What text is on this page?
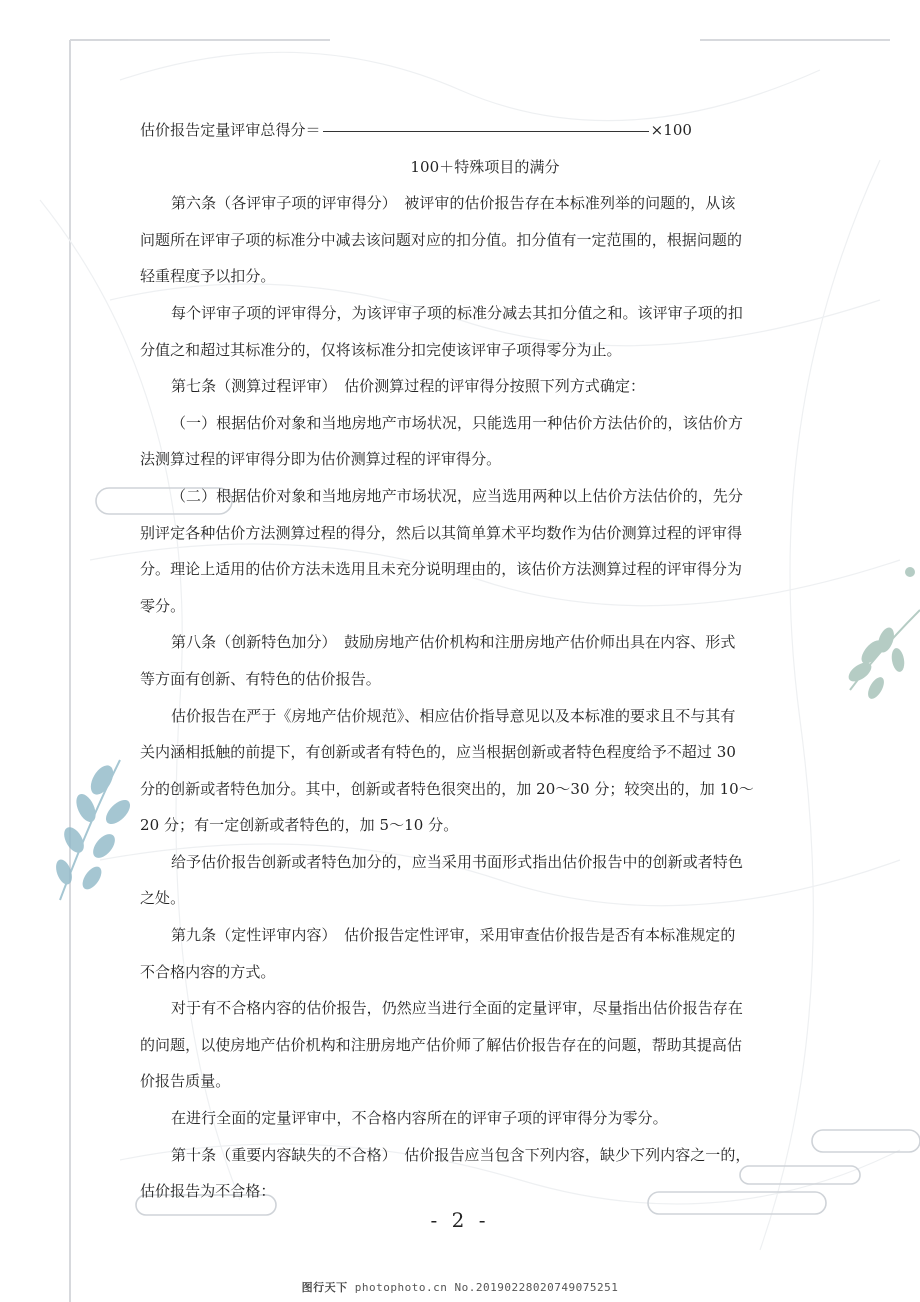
估价报告定量评审总得分＝	×100
100＋特殊项目的满分
第六条（各评审子项的评审得分）　被评审的估价报告存在本标准列举的问题的，从该
问题所在评审子项的标准分中减去该问题对应的扣分值。扣分值有一定范围的，根据问题的
轻重程度予以扣分。
每个评审子项的评审得分，为该评审子项的标准分减去其扣分值之和。该评审子项的扣
分值之和超过其标准分的，仅将该标准分扣完使该评审子项得零分为止。
第七条（测算过程评审）　估价测算过程的评审得分按照下列方式确定：
（一）根据估价对象和当地房地产市场状况，只能选用一种估价方法估价的，该估价方
法测算过程的评审得分即为估价测算过程的评审得分。
（二）根据估价对象和当地房地产市场状况，应当选用两种以上估价方法估价的，先分
别评定各种估价方法测算过程的得分，然后以其简单算术平均数作为估价测算过程的评审得
分。理论上适用的估价方法未选用且未充分说明理由的，该估价方法测算过程的评审得分为
零分。
第八条（创新特色加分）　鼓励房地产估价机构和注册房地产估价师出具在内容、形式
等方面有创新、有特色的估价报告。
估价报告在严于《房地产估价规范》、相应估价指导意见以及本标准的要求且不与其有
关内涵相抵触的前提下，有创新或者有特色的，应当根据创新或者特色程度给予不超过 30
分的创新或者特色加分。其中，创新或者特色很突出的，加 20～30 分；较突出的，加 10～
20 分；有一定创新或者特色的，加 5～10 分。
给予估价报告创新或者特色加分的，应当采用书面形式指出估价报告中的创新或者特色
之处。
第九条（定性评审内容）　估价报告定性评审，采用审查估价报告是否有本标准规定的
不合格内容的方式。
对于有不合格内容的估价报告，仍然应当进行全面的定量评审，尽量指出估价报告存在
的问题，以使房地产估价机构和注册房地产估价师了解估价报告存在的问题，帮助其提高估
价报告质量。
在进行全面的定量评审中，不合格内容所在的评审子项的评审得分为零分。
第十条（重要内容缺失的不合格）　估价报告应当包含下列内容，缺少下列内容之一的，
估价报告为不合格：
- 2 -
图行天下 photophoto.cn No.20190228020749075251
